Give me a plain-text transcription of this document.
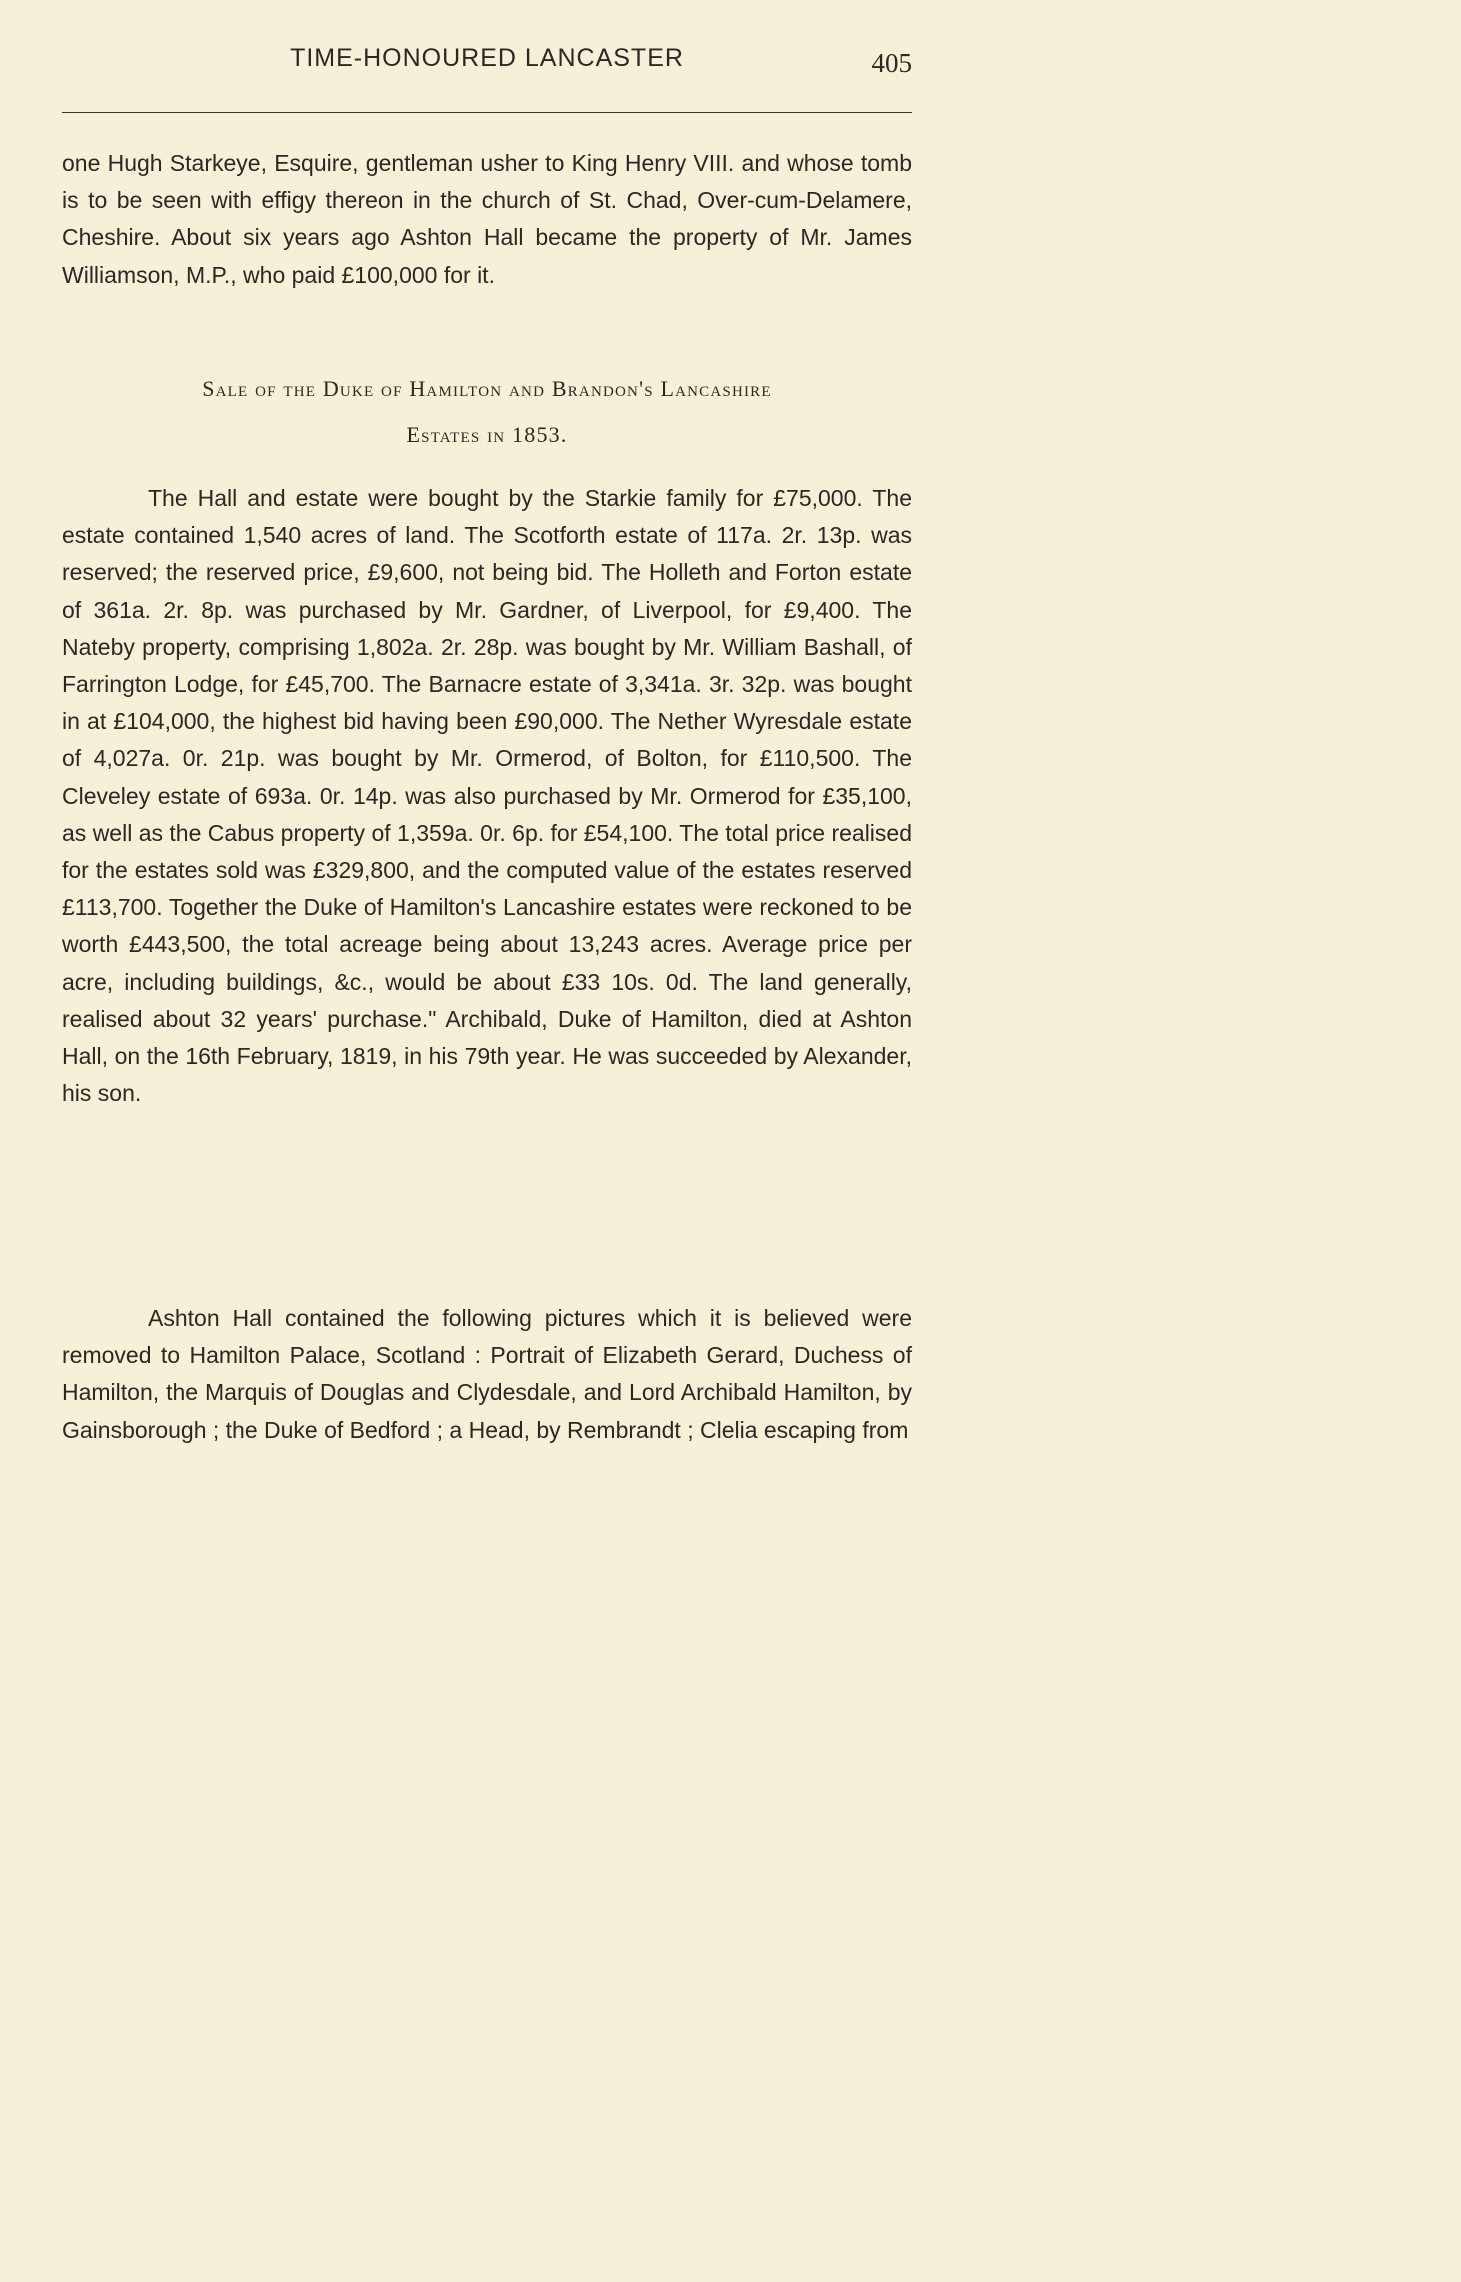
TIME-HONOURED LANCASTER	405

one Hugh Starkeye, Esquire, gentleman usher to King Henry VIII. and whose tomb is to be seen with effigy thereon in the church of St. Chad, Over-cum-Delamere, Cheshire. About six years ago Ashton Hall became the property of Mr. James Williamson, M.P., who paid £100,000 for it.

Sale of the Duke of Hamilton and Brandon's Lancashire

Estates in 1853.

The Hall and estate were bought by the Starkie family for £75,000. The estate contained 1,540 acres of land. The Scotforth estate of 117a. 2r. 13p. was reserved; the reserved price, £9,600, not being bid. The Holleth and Forton estate of 361a. 2r. 8p. was purchased by Mr. Gardner, of Liverpool, for £9,400. The Nateby property, comprising 1,802a. 2r. 28p. was bought by Mr. William Bashall, of Farrington Lodge, for £45,700. The Barnacre estate of 3,341a. 3r. 32p. was bought in at £104,000, the highest bid having been £90,000. The Nether Wyresdale estate of 4,027a. 0r. 21p. was bought by Mr. Ormerod, of Bolton, for £110,500. The Cleveley estate of 693a. 0r. 14p. was also purchased by Mr. Ormerod for £35,100, as well as the Cabus property of 1,359a. 0r. 6p. for £54,100. The total price realised for the estates sold was £329,800, and the computed value of the estates reserved £113,700. Together the Duke of Hamilton's Lancashire estates were reckoned to be worth £443,500, the total acreage being about 13,243 acres. Average price per acre, including buildings, &c., would be about £33 10s. 0d. The land generally, realised about 32 years' purchase." Archibald, Duke of Hamilton, died at Ashton Hall, on the 16th February, 1819, in his 79th year. He was succeeded by Alexander, his son.

Ashton Hall contained the following pictures which it is believed were removed to Hamilton Palace, Scotland : Portrait of Elizabeth Gerard, Duchess of Hamilton, the Marquis of Douglas and Clydesdale, and Lord Archibald Hamilton, by Gainsborough ; the Duke of Bedford ; a Head, by Rembrandt ; Clelia escaping from
